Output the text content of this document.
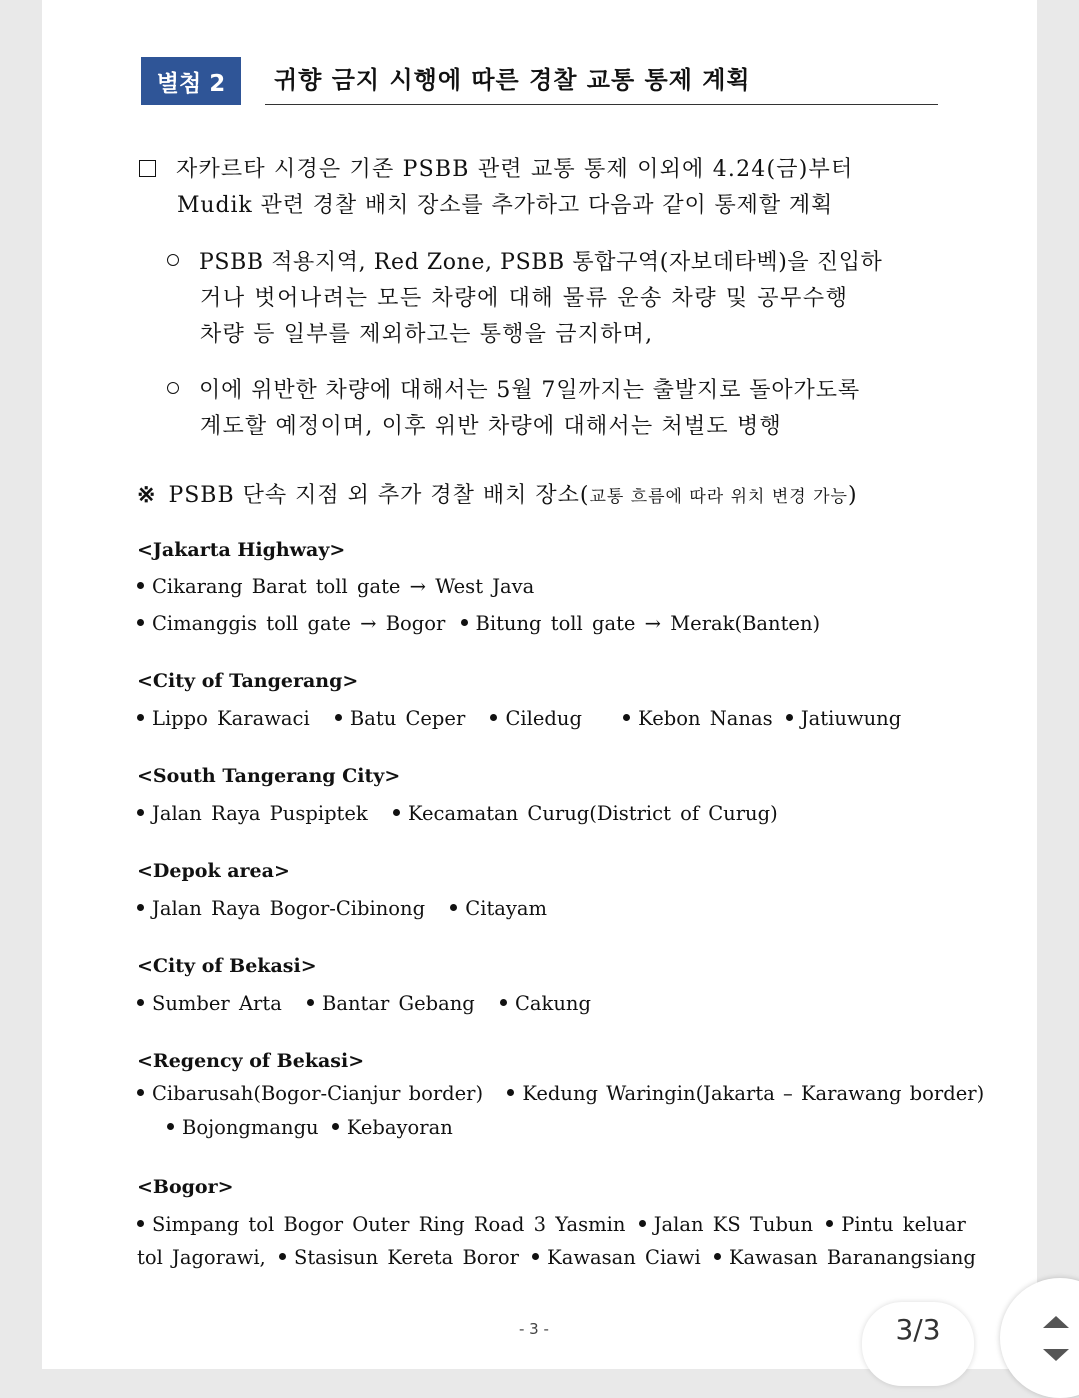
별첨 2	귀향 금지 시행에 따른 경찰 교통 통제 계획
자카르타 시경은 기존 PSBB 관련 교통 통제 이외에 4.24(금)부터
Mudik 관련 경찰 배치 장소를 추가하고 다음과 같이 통제할 계획
PSBB 적용지역, Red Zone, PSBB 통합구역(자보데타벡)을 진입하
거나 벗어나려는 모든 차량에 대해 물류 운송 차량 및 공무수행
차량 등 일부를 제외하고는 통행을 금지하며,
이에 위반한 차량에 대해서는 5월 7일까지는 출발지로 돌아가도록
계도할 예정이며, 이후 위반 차량에 대해서는 처벌도 병행
※ PSBB 단속 지점 외 추가 경찰 배치 장소(교통 흐름에 따라 위치 변경 가능)
<Jakarta Highway>
Cikarang Barat toll gate → West Java
Cimanggis toll gate → Bogor Bitung toll gate → Merak(Banten)
<City of Tangerang>
Lippo Karawaci Batu Ceper Ciledug	Kebon Nanas Jatiuwung
<South Tangerang City>
Jalan Raya Puspiptek Kecamatan Curug(District of Curug)
<Depok area>
Jalan Raya Bogor-Cibinong Citayam
<City of Bekasi>
Sumber Arta Bantar Gebang Cakung
<Regency of Bekasi>
Cibarusah(Bogor-Cianjur border) Kedung Waringin(Jakarta – Karawang border)
Bojongmangu Kebayoran
<Bogor>
Simpang tol Bogor Outer Ring Road 3 Yasmin Jalan KS Tubun Pintu keluar
tol Jagorawi, Stasisun Kereta Boror Kawasan Ciawi Kawasan Baranangsiang
- 3 -	3/3
